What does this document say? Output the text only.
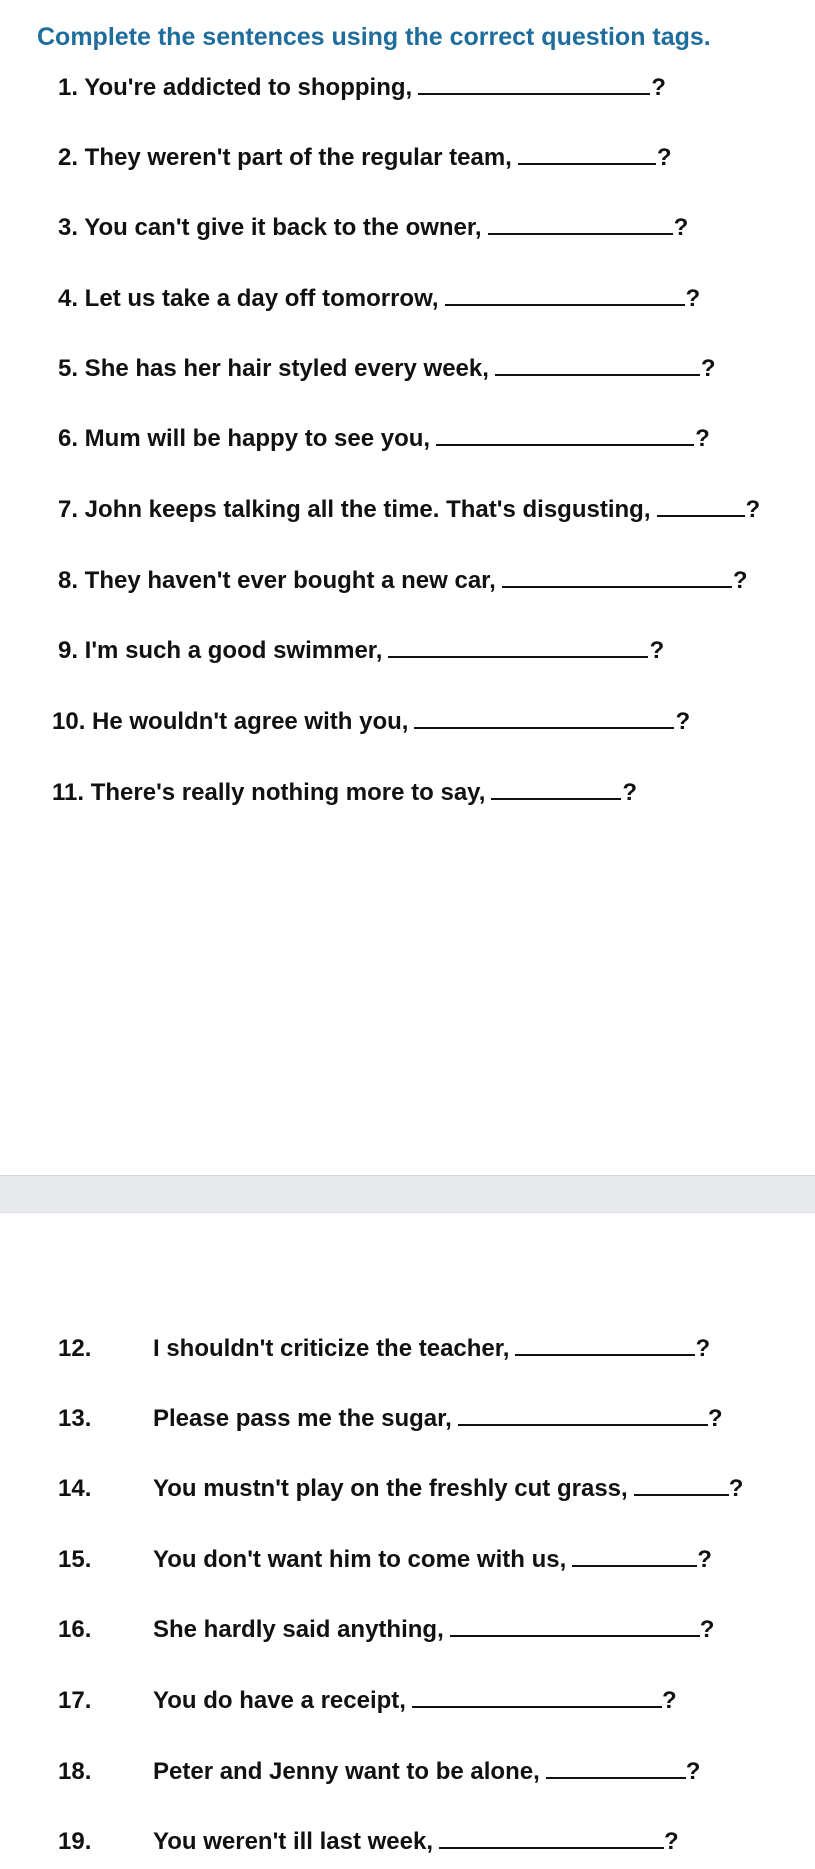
Complete the sentences using the correct question tags.
1. You're addicted to shopping,	?
2. They weren't part of the regular team,	?
3. You can't give it back to the owner,	?
4. Let us take a day off tomorrow,	?
5. She has her hair styled every week,	?
6. Mum will be happy to see you,	?
7. John keeps talking all the time. That's disgusting,	?
8. They haven't ever bought a new car,	?
9. I'm such a good swimmer,	?
10. He wouldn't agree with you,	?
11. There's really nothing more to say,	?
12.	I shouldn't criticize the teacher,	?
13.	Please pass me the sugar,	?
14.	You mustn't play on the freshly cut grass,	?
15.	You don't want him to come with us,	?
16.	She hardly said anything,	?
17.	You do have a receipt,	?
18.	Peter and Jenny want to be alone,	?
19.	You weren't ill last week,	?
